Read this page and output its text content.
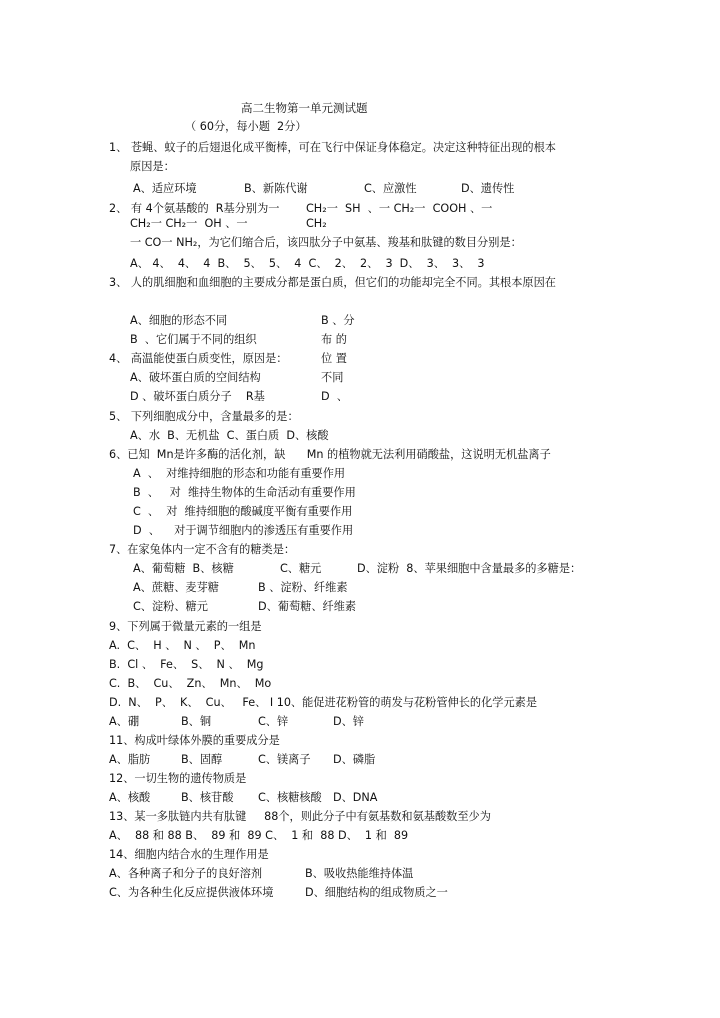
高二生物第一单元测试题
（ 60分，每小题  2分）
1、 苍蝇、蚊子的后翅退化成平衡棒，可在飞行中保证身体稳定。决定这种特征出现的根本
原因是：
A、适应环境	B、新陈代谢	C、应激性	D、遗传性
2、 有 4个氨基酸的  R基分别为一 CH₂一  SH  、一 CH₂一  COOH 、一
CH₂一 CH₂一  OH 、一	CH₂
一 CO一 NH₂，为它们缩合后，该四肽分子中氨基、羧基和肽键的数目分别是：
A、 4、  4、  4  B、  5、  5、  4  C、  2、  2、  3  D、  3、  3、  3
3、 人的肌细胞和血细胞的主要成分都是蛋白质，但它们的功能却完全不同。其根本原因在
A、细胞的形态不同	B 、分
B  、它们属于不同的组织	布 的
4、 高温能使蛋白质变性，原因是：	位 置
A、破坏蛋白质的空间结构	不同
D 、破坏蛋白质分子    R基	D  、
5、 下列细胞成分中，含量最多的是：
A、水  B、无机盐  C、蛋白质  D、核酸
6、已知  Mn是许多酶的活化剂，缺      Mn 的植物就无法利用硝酸盐，这说明无机盐离子
A  、  对维持细胞的形态和功能有重要作用
B  、   对  维持生物体的生命活动有重要作用
C  、  对  维持细胞的酸碱度平衡有重要作用
D  、    对于调节细胞内的渗透压有重要作用
7、在家兔体内一定不含有的糖类是：
A、葡萄糖  B、核糖	C、糖元	D、淀粉  8、苹果细胞中含量最多的多糖是：
A、蔗糖、麦芽糖	B 、淀粉、纤维素
C、淀粉、糖元	D、葡萄糖、纤维素
9、下列属于微量元素的一组是
A.  C、  H 、  N 、  P、  Mn
B.  Cl 、  Fe、  S、  N 、  Mg
C.  B、  Cu、  Zn、  Mn、  Mo
D.  N、  P、  K、  Cu、   Fe、 I 10、能促进花粉管的萌发与花粉管伸长的化学元素是
A、硼	B、铜	C、锌	D、锌
11、构成叶绿体外膜的重要成分是
A、脂肪	B、固醇	C、镁离子 D、磷脂
12、一切生物的遗传物质是
A、核酸	B、核苷酸 C、核糖核酸 D、DNA
13、某一多肽链内共有肽键     88个，则此分子中有氨基数和氨基酸数至少为
A、  88 和 88 B、  89 和  89 C、  1 和  88 D、  1 和  89
14、细胞内结合水的生理作用是
A、各种离子和分子的良好溶剂	B、吸收热能维持体温
C、为各种生化反应提供液体环境	D、细胞结构的组成物质之一
